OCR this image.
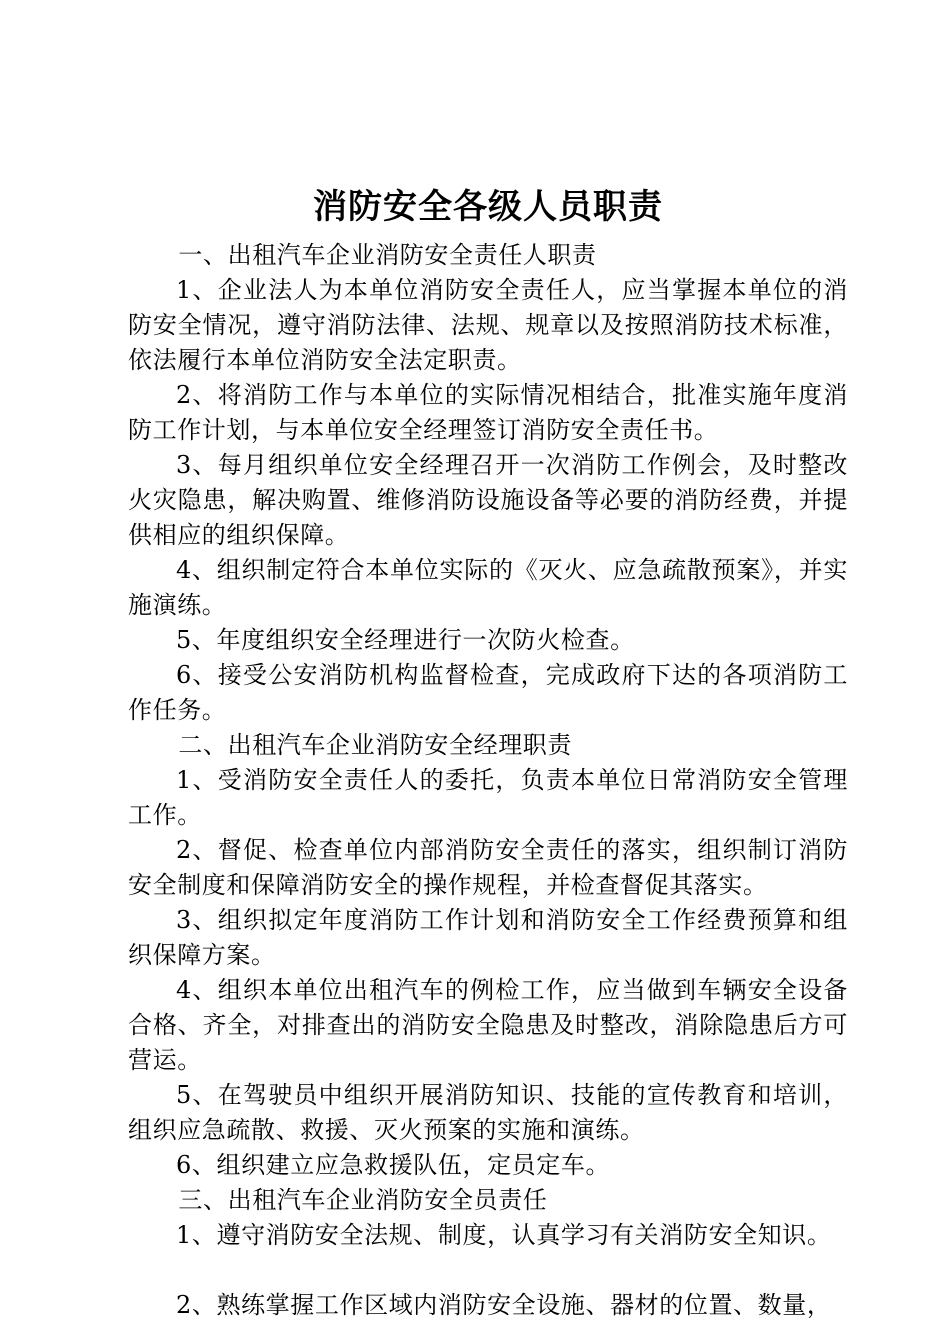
消防安全各级人员职责

一、出租汽车企业消防安全责任人职责

1、企业法人为本单位消防安全责任人，应当掌握本单位的消防安全情况，遵守消防法律、法规、规章以及按照消防技术标准，依法履行本单位消防安全法定职责。

2、将消防工作与本单位的实际情况相结合，批准实施年度消防工作计划，与本单位安全经理签订消防安全责任书。

3、每月组织单位安全经理召开一次消防工作例会，及时整改火灾隐患，解决购置、维修消防设施设备等必要的消防经费，并提供相应的组织保障。

4、组织制定符合本单位实际的《灭火、应急疏散预案》，并实施演练。

5、年度组织安全经理进行一次防火检查。

6、接受公安消防机构监督检查，完成政府下达的各项消防工作任务。

二、出租汽车企业消防安全经理职责

1、受消防安全责任人的委托，负责本单位日常消防安全管理工作。

2、督促、检查单位内部消防安全责任的落实，组织制订消防安全制度和保障消防安全的操作规程，并检查督促其落实。

3、组织拟定年度消防工作计划和消防安全工作经费预算和组织保障方案。

4、组织本单位出租汽车的例检工作，应当做到车辆安全设备合格、齐全，对排查出的消防安全隐患及时整改，消除隐患后方可营运。

5、在驾驶员中组织开展消防知识、技能的宣传教育和培训，组织应急疏散、救援、灭火预案的实施和演练。

6、组织建立应急救援队伍，定员定车。

三、出租汽车企业消防安全员责任

1、遵守消防安全法规、制度，认真学习有关消防安全知识。

2、熟练掌握工作区域内消防安全设施、器材的位置、数量，
